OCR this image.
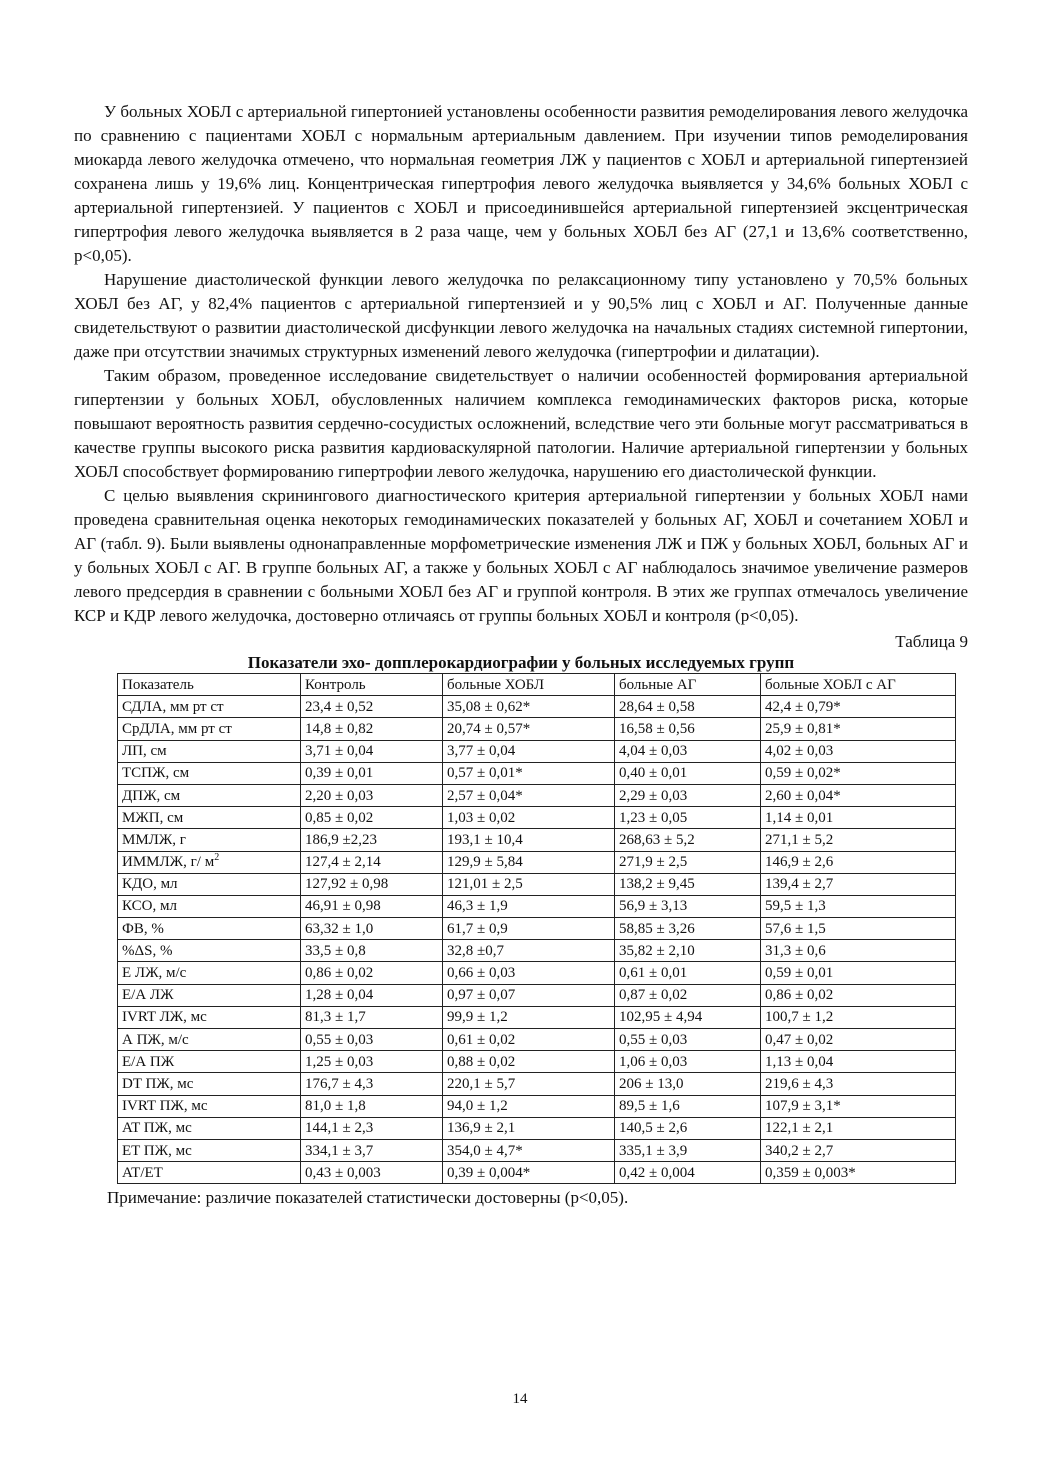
У больных ХОБЛ с артериальной гипертонией установлены особенности развития ремоделирования левого желудочка по сравнению с пациентами ХОБЛ с нормальным артериальным давлением. При изучении типов ремоделирования миокарда левого желудочка отмечено, что нормальная геометрия ЛЖ у пациентов с ХОБЛ и артериальной гипертензией сохранена лишь у 19,6% лиц. Концентрическая гипертрофия левого желудочка выявляется у 34,6% больных ХОБЛ с артериальной гипертензией. У пациентов с ХОБЛ и присоединившейся артериальной гипертензией эксцентрическая гипертрофия левого желудочка выявляется в 2 раза чаще, чем у больных ХОБЛ без АГ (27,1 и 13,6% соответственно, p<0,05).

Нарушение диастолической функции левого желудочка по релаксационному типу установлено у 70,5% больных ХОБЛ без АГ, у 82,4% пациентов с артериальной гипертензией и у 90,5% лиц с ХОБЛ и АГ. Полученные данные свидетельствуют о развитии диастолической дисфункции левого желудочка на начальных стадиях системной гипертонии, даже при отсутствии значимых структурных изменений левого желудочка (гипертрофии и дилатации).

Таким образом, проведенное исследование свидетельствует о наличии особенностей формирования артериальной гипертензии у больных ХОБЛ, обусловленных наличием комплекса гемодинамических факторов риска, которые повышают вероятность развития сердечно-сосудистых осложнений, вследствие чего эти больные могут рассматриваться в качестве группы высокого риска развития кардиоваскулярной патологии. Наличие артериальной гипертензии у больных ХОБЛ способствует формированию гипертрофии левого желудочка, нарушению его диастолической функции.

С целью выявления скринингового диагностического критерия артериальной гипертензии у больных ХОБЛ нами проведена сравнительная оценка некоторых гемодинамических показателей у больных АГ, ХОБЛ и сочетанием ХОБЛ и АГ (табл. 9). Были выявлены однонаправленные морфометрические изменения ЛЖ и ПЖ у больных ХОБЛ, больных АГ и у больных ХОБЛ с АГ. В группе больных АГ, а также у больных ХОБЛ с АГ наблюдалось значимое увеличение размеров левого предсердия в сравнении с больными ХОБЛ без АГ и группой контроля. В этих же группах отмечалось увеличение КСР и КДР левого желудочка, достоверно отличаясь от группы больных ХОБЛ и контроля (p<0,05).

Таблица 9
Показатели эхо- допплерокардиографии у больных исследуемых групп
Показатель	Контроль	больные ХОБЛ	больные АГ	больные ХОБЛ с АГ
СДЛА, мм рт ст	23,4 ± 0,52	35,08 ± 0,62*	28,64 ± 0,58	42,4 ± 0,79*
СрДЛА, мм рт ст	14,8 ± 0,82	20,74 ± 0,57*	16,58 ± 0,56	25,9 ± 0,81*
ЛП, см	3,71 ± 0,04	3,77 ± 0,04	4,04 ± 0,03	4,02 ± 0,03
ТСПЖ, см	0,39 ± 0,01	0,57 ± 0,01*	0,40 ± 0,01	0,59 ± 0,02*
ДПЖ, см	2,20 ± 0,03	2,57 ± 0,04*	2,29 ± 0,03	2,60 ± 0,04*
МЖП, см	0,85 ± 0,02	1,03 ± 0,02	1,23 ± 0,05	1,14 ± 0,01
ММЛЖ, г	186,9 ±2,23	193,1 ± 10,4	268,63 ± 5,2	271,1 ± 5,2
ИММЛЖ, г/ $м^2$	127,4 ± 2,14	129,9 ± 5,84	271,9 ± 2,5	146,9 ± 2,6
КДО, мл	127,92 ± 0,98	121,01 ± 2,5	138,2 ± 9,45	139,4 ± 2,7
КСО, мл	46,91 ± 0,98	46,3 ± 1,9	56,9 ± 3,13	59,5 ± 1,3
ФВ, %	63,32 ± 1,0	61,7 ± 0,9	58,85 ± 3,26	57,6 ± 1,5
%ΔS, %	33,5 ± 0,8	32,8 ±0,7	35,82 ± 2,10	31,3 ± 0,6
Е ЛЖ, м/с	0,86 ± 0,02	0,66 ± 0,03	0,61 ± 0,01	0,59 ± 0,01
Е/А ЛЖ	1,28 ± 0,04	0,97 ± 0,07	0,87 ± 0,02	0,86 ± 0,02
IVRT ЛЖ, мс	81,3 ± 1,7	99,9 ± 1,2	102,95 ± 4,94	100,7 ± 1,2
А ПЖ, м/с	0,55 ± 0,03	0,61 ± 0,02	0,55 ± 0,03	0,47 ± 0,02
Е/А ПЖ	1,25 ± 0,03	0,88 ± 0,02	1,06 ± 0,03	1,13 ± 0,04
DT ПЖ, мс	176,7 ± 4,3	220,1 ± 5,7	206 ± 13,0	219,6 ± 4,3
IVRT ПЖ, мс	81,0 ± 1,8	94,0 ± 1,2	89,5 ± 1,6	107,9 ± 3,1*
AT ПЖ, мс	144,1 ± 2,3	136,9 ± 2,1	140,5 ± 2,6	122,1 ± 2,1
ET ПЖ, мс	334,1 ± 3,7	354,0 ± 4,7*	335,1 ± 3,9	340,2 ± 2,7
AT/ET	0,43 ± 0,003	0,39 ± 0,004*	0,42 ± 0,004	0,359 ± 0,003*
Примечание: различие показателей статистически достоверны (p<0,05).
14
